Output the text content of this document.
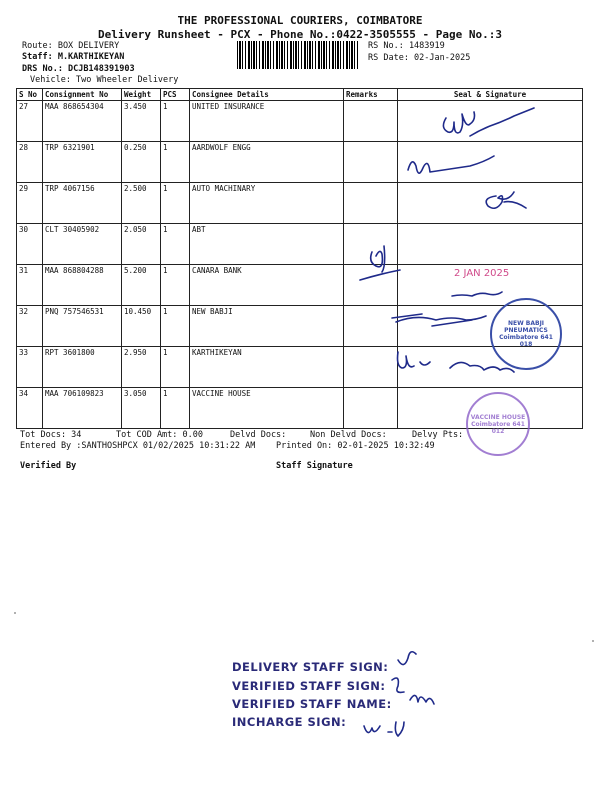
THE PROFESSIONAL COURIERS, COIMBATORE
Delivery Runsheet - PCX - Phone No.:0422-3505555 - Page No.:3
Route: BOX DELIVERY
Staff: M.KARTHIKEYAN
DRS No.: DCJB148391903
Vehicle: Two Wheeler Delivery
RS No.: 1483919
RS Date: 02-Jan-2025
S No	Consignment No	Weight	PCS	Consignee Details	Remarks	Seal & Signature
27	MAA 868654304	3.450	1	UNITED INSURANCE		
28	TRP 6321901	0.250	1	AARDWOLF ENGG		
29	TRP 4067156	2.500	1	AUTO MACHINARY		
30	CLT 30405902	2.050	1	ABT		
31	MAA 868804288	5.200	1	CANARA BANK		
32	PNQ 757546531	10.450	1	NEW BABJI		
33	RPT 3601800	2.950	1	KARTHIKEYAN		
34	MAA 706109823	3.050	1	VACCINE HOUSE		
2 JAN 2025
NEW BABJI PNEUMATICS Coimbatore 641 018
VACCINE HOUSE Coimbatore 641 012
Tot Docs: 34	Tot COD Amt: 0.00	Delvd Docs:	Non Delvd Docs:	Delvy Pts:
Entered By :SANTHOSHPCX 01/02/2025 10:31:22 AM Printed On: 02-01-2025 10:32:49
Verified By	Staff Signature
DELIVERY STAFF SIGN:
VERIFIED STAFF SIGN:
VERIFIED STAFF NAME:
INCHARGE SIGN:
